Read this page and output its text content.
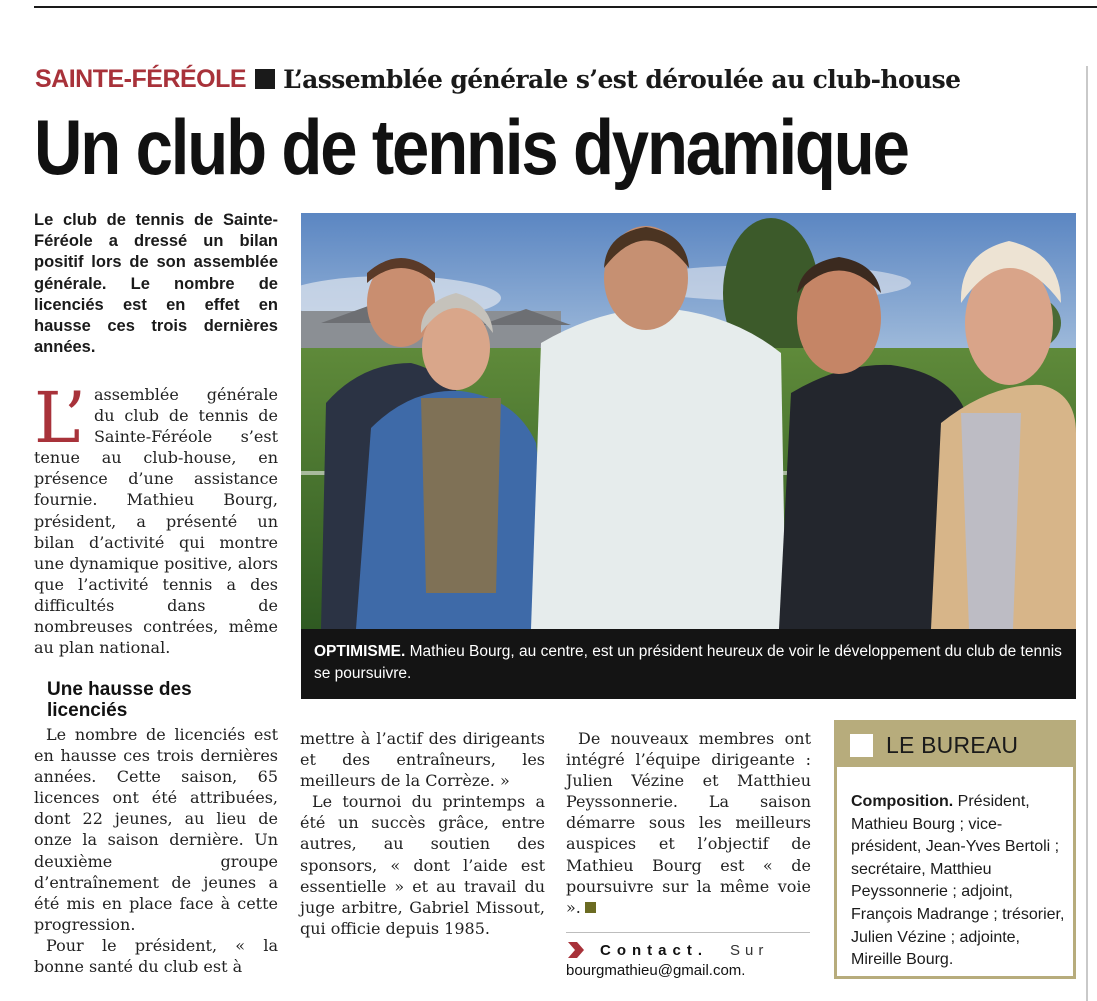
SAINTE-FÉRÉOLE L’assemblée générale s’est déroulée au club-house
Un club de tennis dynamique

Le club de tennis de Sainte-Féréole a dressé un bilan positif lors de son assemblée générale. Le nombre de licenciés est en effet en hausse ces trois dernières années.

L’ assemblée générale du club de tennis de Sainte-Féréole s’est tenue au club-house, en présence d’une assistance fournie. Mathieu Bourg, président, a présenté un bilan d’activité qui montre une dynamique positive, alors que l’activité tennis a des difficultés dans de nombreuses contrées, même au plan national.

Une hausse des licenciés

Le nombre de licenciés est en hausse ces trois dernières années. Cette saison, 65 licences ont été attribuées, dont 22 jeunes, au lieu de onze la saison dernière. Un deuxième groupe d’entraînement de jeunes a été mis en place face à cette progression.

Pour le président, « la bonne santé du club est à

mettre à l’actif des dirigeants et des entraîneurs, les meilleurs de la Corrèze. »

Le tournoi du printemps a été un succès grâce, entre autres, au soutien des sponsors, « dont l’aide est essentielle » et au travail du juge arbitre, Gabriel Missout, qui officie depuis 1985.

De nouveaux membres ont intégré l’équipe dirigeante : Julien Vézine et Matthieu Peyssonnerie. La saison démarre sous les meilleurs auspices et l’objectif de Mathieu Bourg est « de poursuivre sur la même voie ».

OPTIMISME. Mathieu Bourg, au centre, est un président heureux de voir le développement du club de tennis se poursuivre.
Contact. Sur
bourgmathieu@gmail.com.
LE BUREAU
Composition. Président, Mathieu Bourg ; vice-président, Jean-Yves Bertoli ; secrétaire, Matthieu Peyssonnerie ; adjoint, François Madrange ; trésorier, Julien Vézine ; adjointe, Mireille Bourg.
